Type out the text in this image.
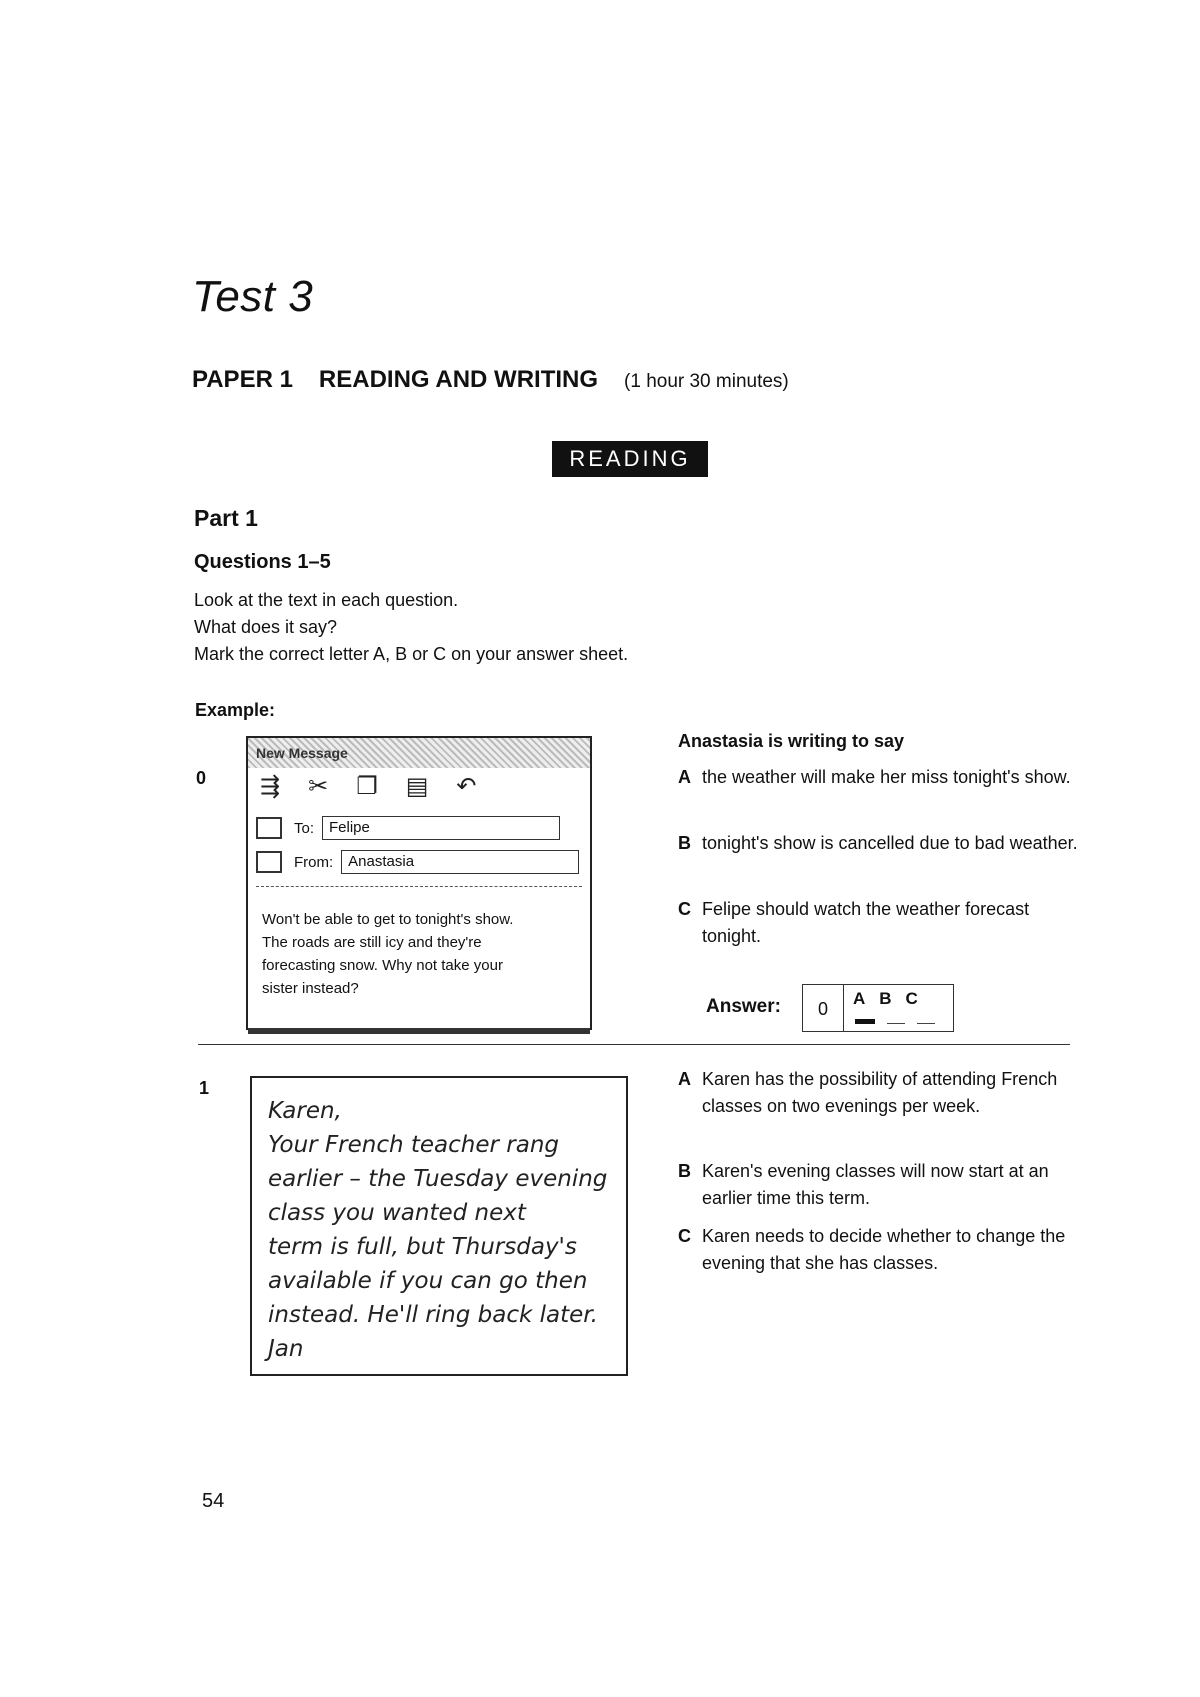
Test 3
PAPER 1 READING AND WRITING (1 hour 30 minutes)
READING
Part 1
Questions 1–5
Look at the text in each question.
What does it say?
Mark the correct letter A, B or C on your answer sheet.
Example:
0
New Message
⇶ ✂ ❐ ▤ ↶
To:	Felipe
From:	Anastasia
Won't be able to get to tonight's show.
The roads are still icy and they're
forecasting snow. Why not take your
sister instead?
Anastasia is writing to say
A the weather will make her miss tonight's show.
B tonight's show is cancelled due to bad weather.
C Felipe should watch the weather forecast tonight.
Answer:	0
ABC
1
Karen,
Your French teacher rang
earlier – the Tuesday evening
class you wanted next
term is full, but Thursday's
available if you can go then
instead. He'll ring back later.
Jan
A Karen has the possibility of attending French classes on two evenings per week.
B Karen's evening classes will now start at an earlier time this term.
C Karen needs to decide whether to change the evening that she has classes.
54
